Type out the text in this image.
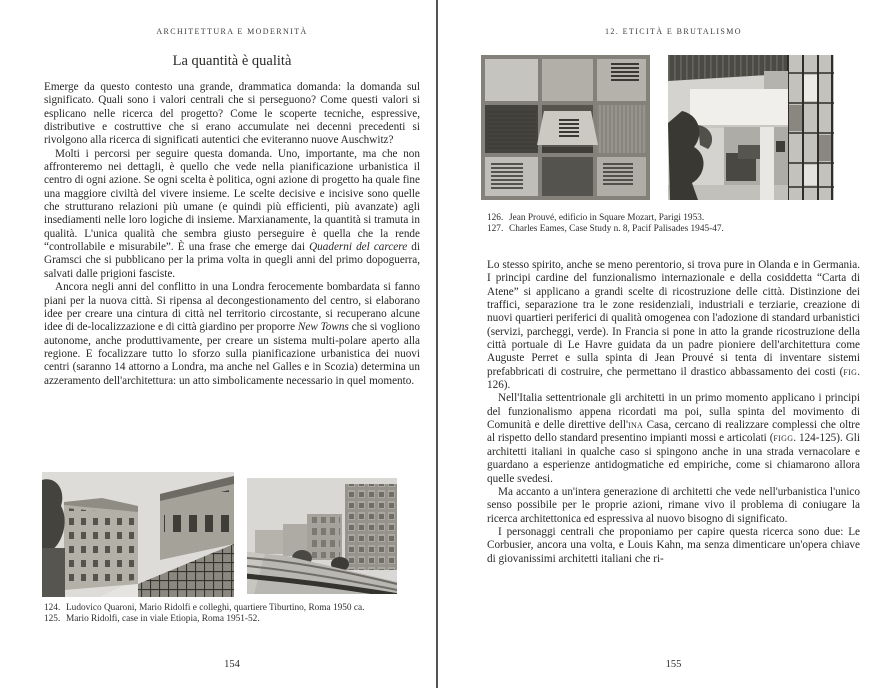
ARCHITETTURA E MODERNITÀ
La quantità è qualità

Emerge da questo contesto una grande, drammatica domanda: la domanda sul significato. Quali sono i valori centrali che si perseguono? Come questi valori si esplicano nelle ricerca del progetto? Come le scoperte tecniche, espressive, distributive e costruttive che si erano accumulate nei decenni precedenti si rivolgono alla ricerca di significati autentici che eviteranno nuove Auschwitz?

Molti i percorsi per seguire questa domanda. Uno, importante, ma che non affronteremo nei dettagli, è quello che vede nella pianificazione urbanistica il centro di ogni azione. Se ogni scelta è politica, ogni azione di progetto ha quale fine una maggiore civiltà del vivere insieme. Le scelte decisive e incisive sono quelle che strutturano relazioni più umane (e quindi più efficienti, più avanzate) agli insediamenti nelle loro logiche di insieme. Marxianamente, la quantità si tramuta in qualità. L'unica qualità che sembra giusto perseguire è quella che la rende “controllabile e misurabile”. È una frase che emerge dai Quaderni del carcere di Gramsci che si pubblicano per la prima volta in quegli anni del primo dopoguerra, salvati dalle prigioni fasciste.

Ancora negli anni del conflitto in una Londra ferocemente bombardata si fanno piani per la nuova città. Si ripensa al decongestionamento del centro, si elaborano idee per creare una cintura di città nel territorio circostante, si recuperano alcune idee di de-localizzazione e di città giardino per proporre New Towns che si vogliono autonome, anche produttivamente, per creare un sistema multi-polare aperto alla regione. E focalizzare tutto lo sforzo sulla pianificazione urbanistica dei nuovi centri (saranno 14 attorno a Londra, ma anche nel Galles e in Scozia) determina un azzeramento dell'architettura: un atto simbolicamente necessario in quel momento.

124. Ludovico Quaroni, Mario Ridolfi e colleghi, quartiere Tiburtino, Roma 1950 ca.
125. Mario Ridolfi, case in viale Etiopia, Roma 1951-52.
154
12. ETICITÀ E BRUTALISMO
126. Jean Prouvé, edificio in Square Mozart, Parigi 1953.
127. Charles Eames, Case Study n. 8, Pacif Palisades 1945-47.

Lo stesso spirito, anche se meno perentorio, si trova pure in Olanda e in Germania. I principi cardine del funzionalismo internazionale e della cosiddetta “Carta di Atene” si applicano a grandi scelte di ricostruzione delle città. Distinzione dei traffici, separazione tra le zone residenziali, industriali e terziarie, creazione di nuovi quartieri periferici di qualità omogenea con l'adozione di standard urbanistici (servizi, parcheggi, verde). In Francia si pone in atto la grande ricostruzione della città portuale di Le Havre guidata da un padre pioniere dell'architettura come Auguste Perret e sulla spinta di Jean Prouvé si tenta di inventare sistemi prefabbricati di costruire, che permettano il drastico abbassamento dei costi (fig. 126).

Nell'Italia settentrionale gli architetti in un primo momento applicano i principi del funzionalismo appena ricordati ma poi, sulla spinta del movimento di Comunità e delle direttive dell'ina Casa, cercano di realizzare complessi che oltre al rispetto dello standard presentino impianti mossi e articolati (figg. 124-125). Gli architetti italiani in qualche caso si spingono anche in una strada vernacolare e guardano a esperienze antidogmatiche ed empiriche, come si chiamarono allora quelle svedesi.

Ma accanto a un'intera generazione di architetti che vede nell'urbanistica l'unico senso possibile per le proprie azioni, rimane vivo il problema di coniugare la ricerca architettonica ed espressiva al nuovo bisogno di significato.

I personaggi centrali che proponiamo per capire questa ricerca sono due: Le Corbusier, ancora una volta, e Louis Kahn, ma senza dimenticare un'opera chiave di giovanissimi architetti italiani che ri-

155
